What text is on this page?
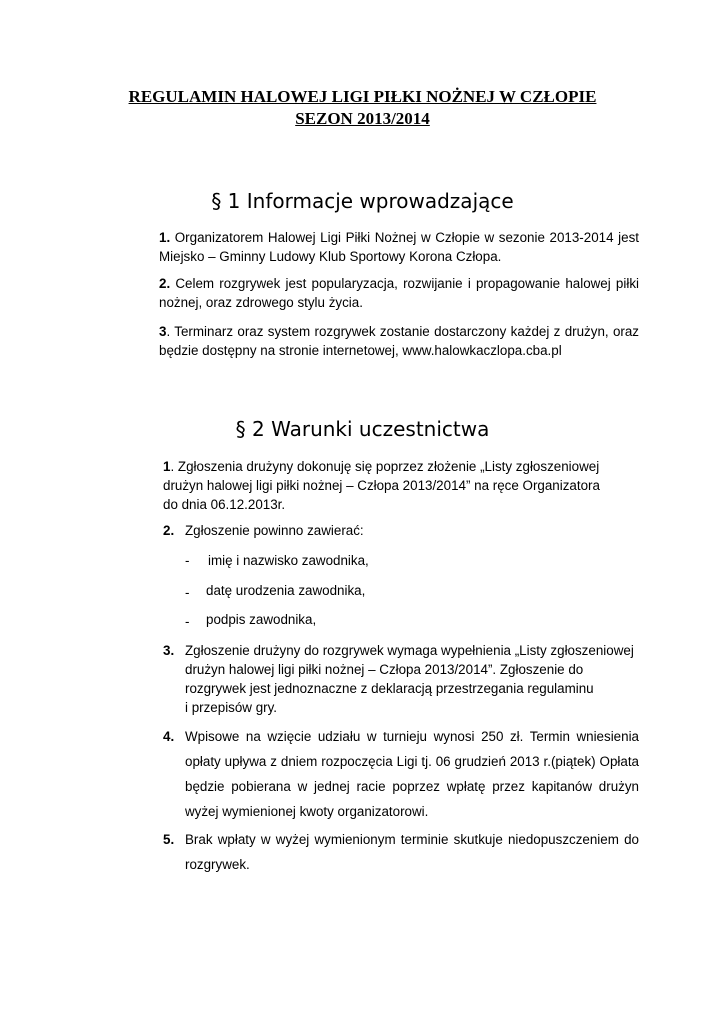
REGULAMIN HALOWEJ LIGI PIŁKI NOŻNEJ W CZŁOPIE
SEZON 2013/2014
§ 1 Informacje wprowadzające
1. Organizatorem Halowej Ligi Piłki Nożnej w Człopie w sezonie 2013-2014 jest Miejsko – Gminny Ludowy Klub Sportowy Korona Człopa.
2. Celem rozgrywek jest popularyzacja, rozwijanie i propagowanie halowej piłki nożnej, oraz zdrowego stylu życia.
3. Terminarz oraz system rozgrywek zostanie dostarczony każdej z drużyn, oraz będzie dostępny na stronie internetowej, www.halowkaczlopa.cba.pl
§ 2 Warunki uczestnictwa
1. Zgłoszenia drużyny dokonuję się poprzez złożenie „Listy zgłoszeniowej
drużyn halowej ligi piłki nożnej – Człopa 2013/2014” na ręce Organizatora
do dnia 06.12.2013r.
2. Zgłoszenie powinno zawierać:
- imię i nazwisko zawodnika,
- datę urodzenia zawodnika,
- podpis zawodnika,
3. Zgłoszenie drużyny do rozgrywek wymaga wypełnienia „Listy zgłoszeniowej
drużyn halowej ligi piłki nożnej – Człopa 2013/2014”. Zgłoszenie do
rozgrywek jest jednoznaczne z deklaracją przestrzegania regulaminu
i przepisów gry.
4. Wpisowe na wzięcie udziału w turnieju wynosi 250 zł. Termin wniesienia
opłaty upływa z dniem rozpoczęcia Ligi tj. 06 grudzień 2013 r.(piątek) Opłata
będzie pobierana w jednej racie poprzez wpłatę przez kapitanów drużyn
wyżej wymienionej kwoty organizatorowi.
5. Brak wpłaty w wyżej wymienionym terminie skutkuje niedopuszczeniem do
rozgrywek.
